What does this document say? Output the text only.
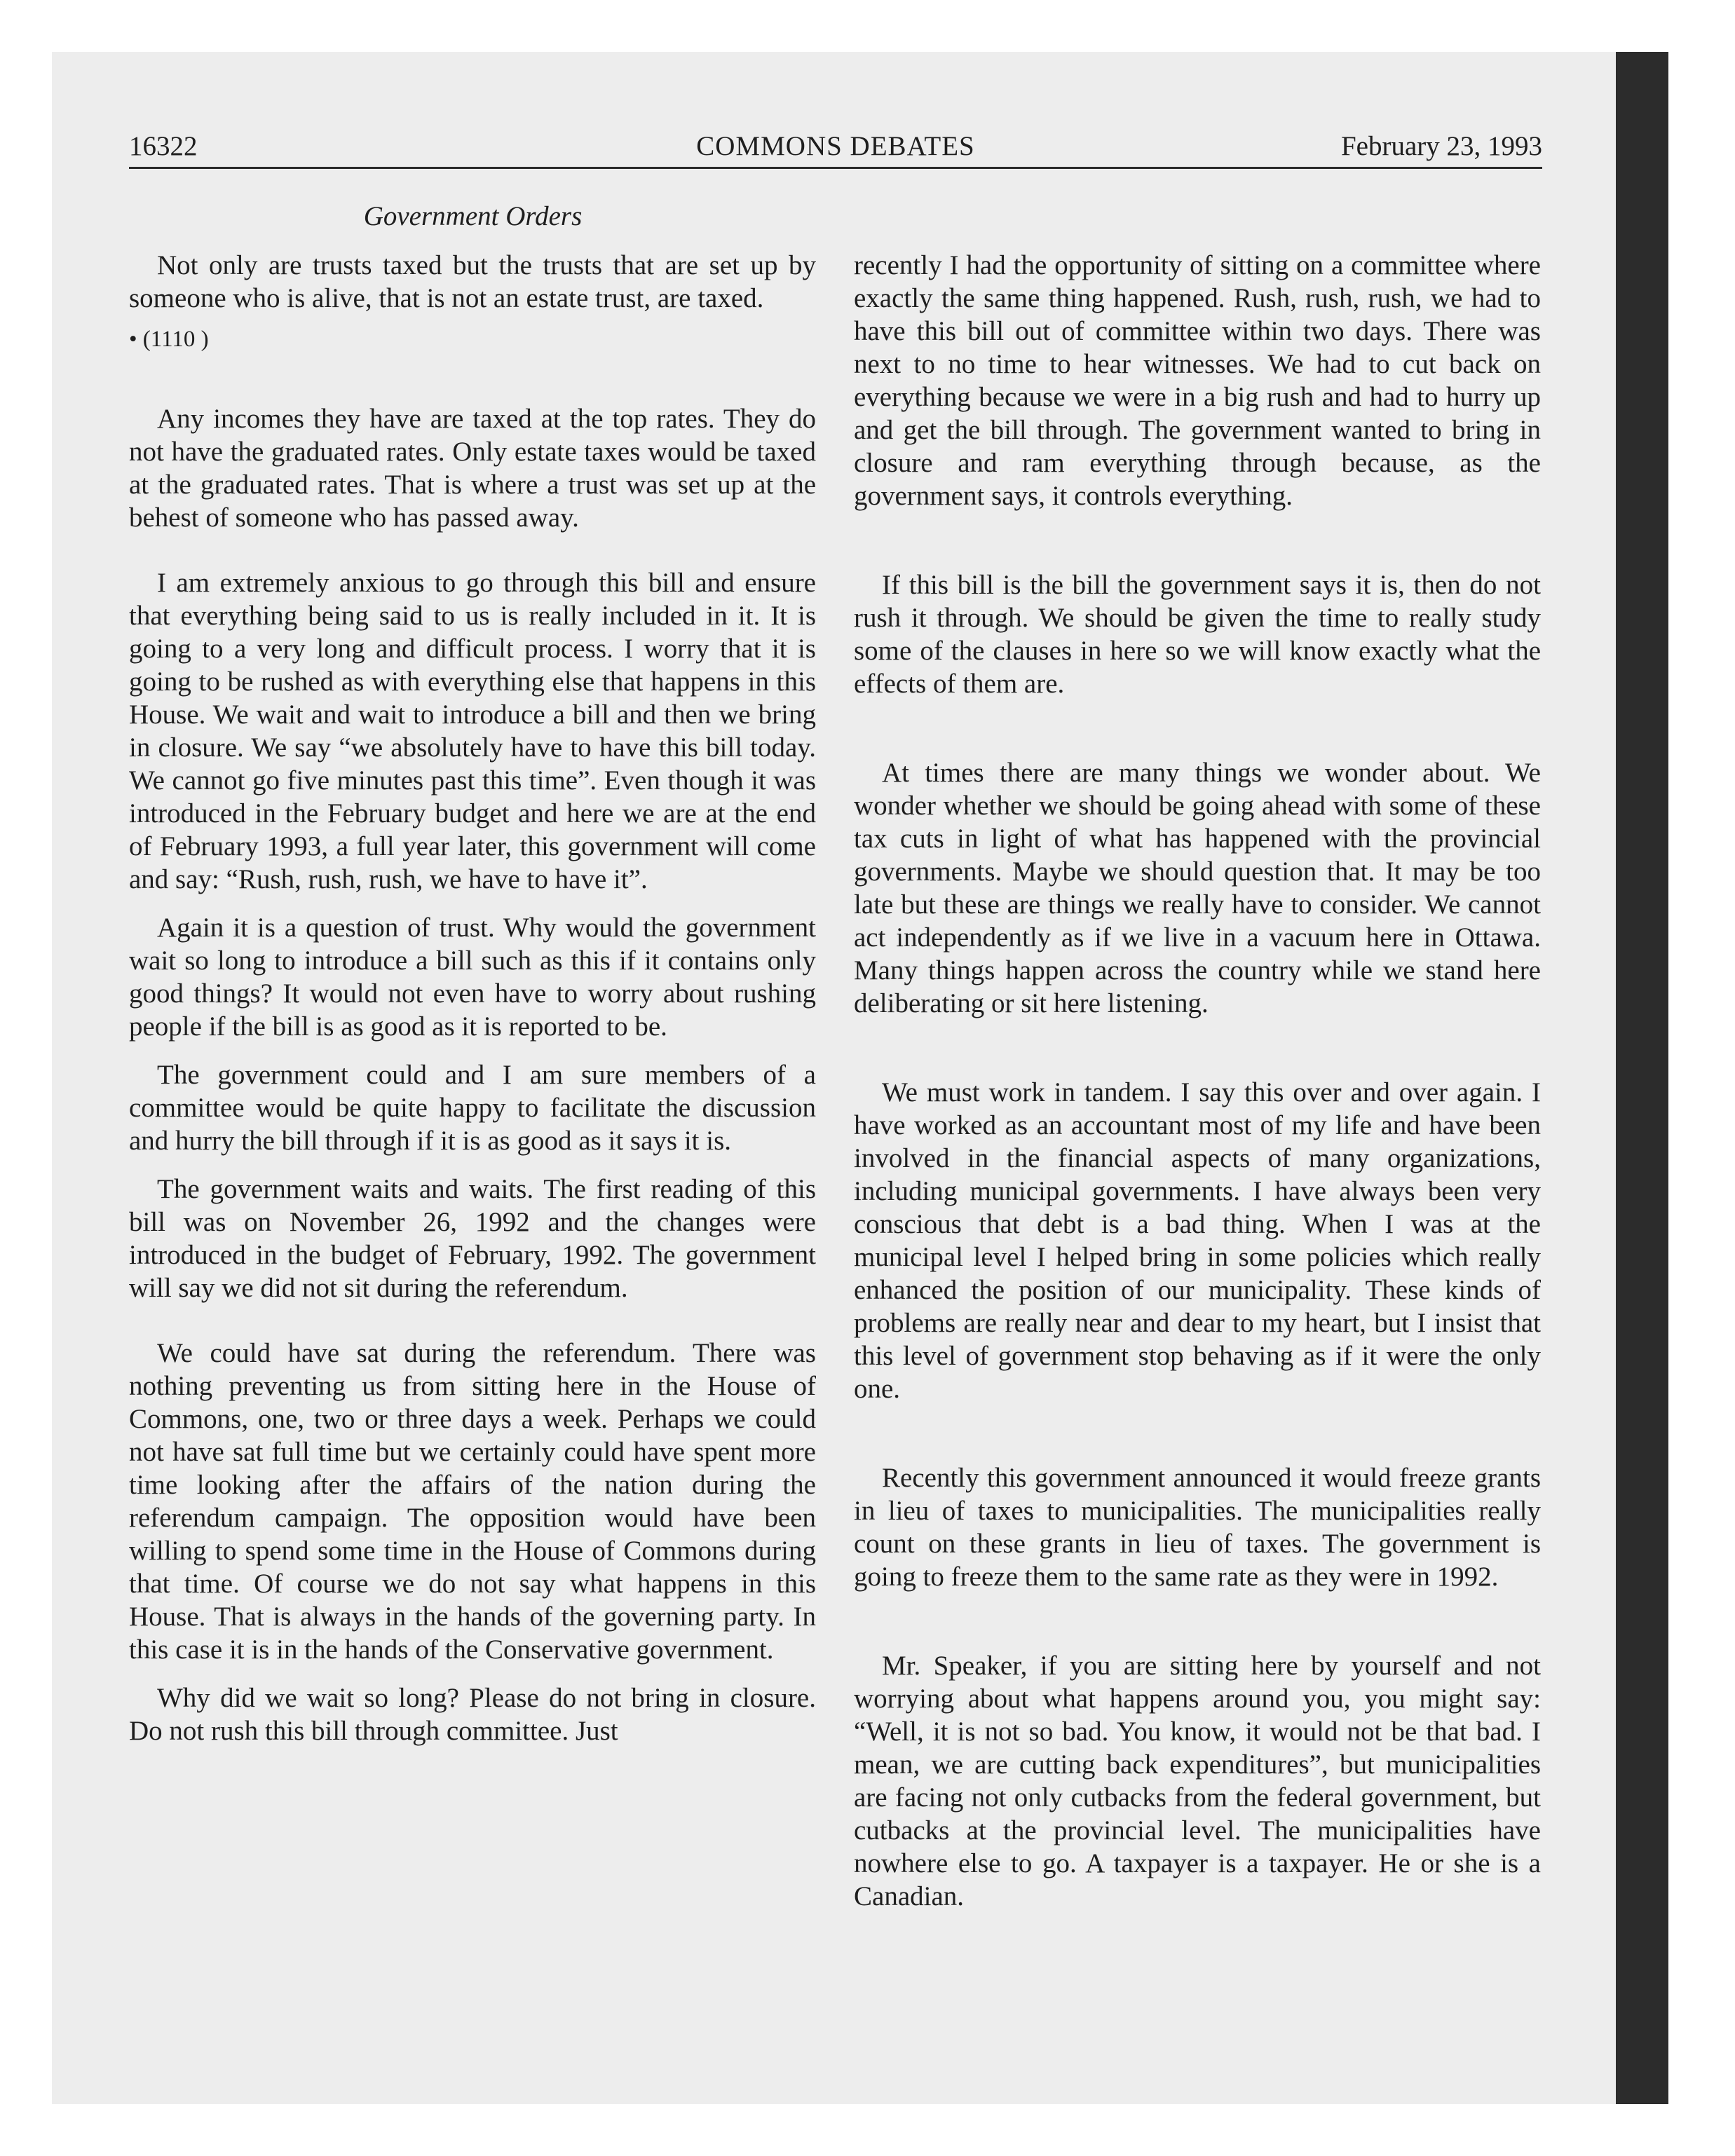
16322	COMMONS DEBATES	February 23, 1993
Government Orders

Not only are trusts taxed but the trusts that are set up by someone who is alive, that is not an estate trust, are taxed.

• (1110 )

Any incomes they have are taxed at the top rates. They do not have the graduated rates. Only estate taxes would be taxed at the graduated rates. That is where a trust was set up at the behest of someone who has passed away.

I am extremely anxious to go through this bill and ensure that everything being said to us is really included in it. It is going to a very long and difficult process. I worry that it is going to be rushed as with everything else that happens in this House. We wait and wait to introduce a bill and then we bring in closure. We say “we absolutely have to have this bill today. We cannot go five minutes past this time”. Even though it was introduced in the February budget and here we are at the end of February 1993, a full year later, this government will come and say: “Rush, rush, rush, we have to have it”.

Again it is a question of trust. Why would the government wait so long to introduce a bill such as this if it contains only good things? It would not even have to worry about rushing people if the bill is as good as it is reported to be.

The government could and I am sure members of a committee would be quite happy to facilitate the discussion and hurry the bill through if it is as good as it says it is.

The government waits and waits. The first reading of this bill was on November 26, 1992 and the changes were introduced in the budget of February, 1992. The government will say we did not sit during the referendum.

We could have sat during the referendum. There was nothing preventing us from sitting here in the House of Commons, one, two or three days a week. Perhaps we could not have sat full time but we certainly could have spent more time looking after the affairs of the nation during the referendum campaign. The opposition would have been willing to spend some time in the House of Commons during that time. Of course we do not say what happens in this House. That is always in the hands of the governing party. In this case it is in the hands of the Conservative government.

Why did we wait so long? Please do not bring in closure. Do not rush this bill through committee. Just

recently I had the opportunity of sitting on a committee where exactly the same thing happened. Rush, rush, rush, we had to have this bill out of committee within two days. There was next to no time to hear witnesses. We had to cut back on everything because we were in a big rush and had to hurry up and get the bill through. The government wanted to bring in closure and ram everything through because, as the government says, it controls everything.

If this bill is the bill the government says it is, then do not rush it through. We should be given the time to really study some of the clauses in here so we will know exactly what the effects of them are.

At times there are many things we wonder about. We wonder whether we should be going ahead with some of these tax cuts in light of what has happened with the provincial governments. Maybe we should question that. It may be too late but these are things we really have to consider. We cannot act independently as if we live in a vacuum here in Ottawa. Many things happen across the country while we stand here deliberating or sit here listening.

We must work in tandem. I say this over and over again. I have worked as an accountant most of my life and have been involved in the financial aspects of many organizations, including municipal governments. I have always been very conscious that debt is a bad thing. When I was at the municipal level I helped bring in some policies which really enhanced the position of our municipality. These kinds of problems are really near and dear to my heart, but I insist that this level of government stop behaving as if it were the only one.

Recently this government announced it would freeze grants in lieu of taxes to municipalities. The municipalities really count on these grants in lieu of taxes. The government is going to freeze them to the same rate as they were in 1992.

Mr. Speaker, if you are sitting here by yourself and not worrying about what happens around you, you might say: “Well, it is not so bad. You know, it would not be that bad. I mean, we are cutting back expenditures”, but municipalities are facing not only cutbacks from the federal government, but cutbacks at the provincial level. The municipalities have nowhere else to go. A taxpayer is a taxpayer. He or she is a Canadian.
